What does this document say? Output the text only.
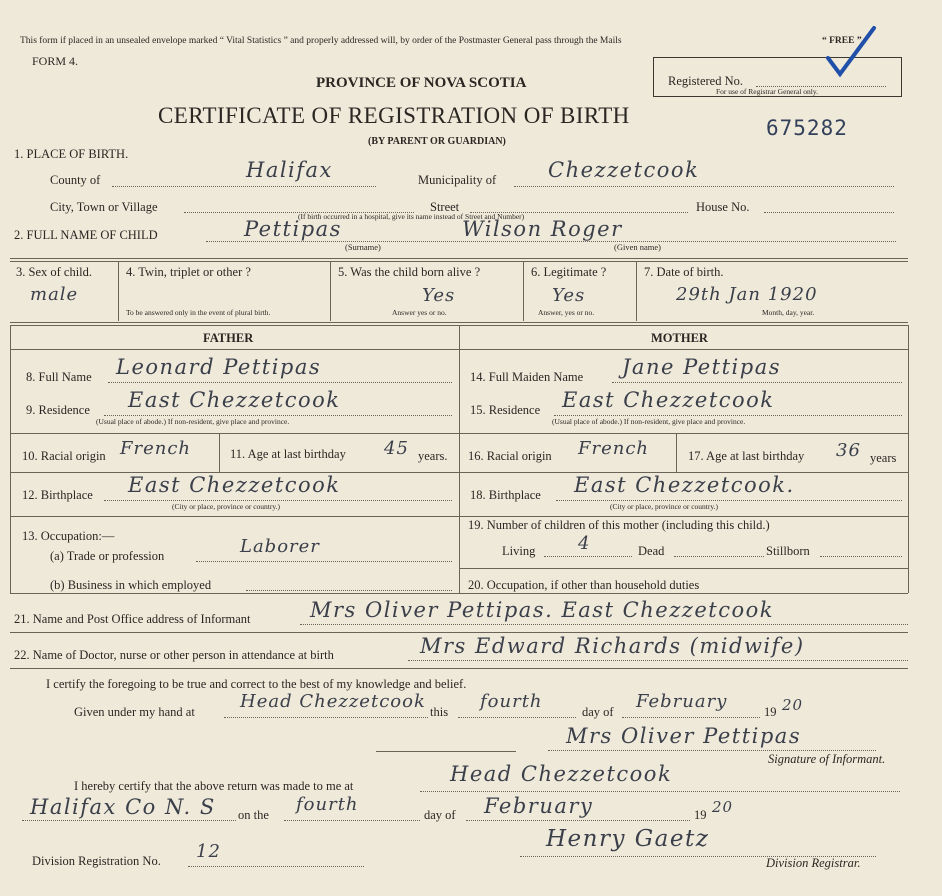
This form if placed in an unsealed envelope marked “ Vital Statistics ” and properly addressed will, by order of the Postmaster General pass through the Mails	“ FREE ”
FORM 4.
PROVINCE OF NOVA SCOTIA
CERTIFICATE OF REGISTRATION OF BIRTH
(BY PARENT OR GUARDIAN)
Registered No.
For use of Registrar General only.
675282
1. PLACE OF BIRTH.
County of	Halifax	Municipality of Chezzetcook
City, Town or Village	Street	House No.
(If birth occurred in a hospital, give its name instead of Street and Number)
2. FULL NAME OF CHILD	Pettipas	Wilson Roger
(Surname)	(Given name)
3. Sex of child.
male
4. Twin, triplet or other ?
To be answered only in the event of plural birth.
5. Was the child born alive ?
Yes
Answer yes or no.
6. Legitimate ?
Yes
Answer, yes or no.
7. Date of birth.
29th Jan 1920
Month, day, year.
FATHER	MOTHER
8. Full Name Leonard Pettipas
9. Residence East Chezzetcook
(Usual place of abode.) If non-resident, give place and province.
10. Racial origin French	11. Age at last birthday 45 years.
12. Birthplace East Chezzetcook
(City or place, province or country.)
13. Occupation:—
(a) Trade or profession	Laborer
(b) Business in which employed
14. Full Maiden Name Jane Pettipas
15. Residence East Chezzetcook
(Usual place of abode.) If non-resident, give place and province.
16. Racial origin French	17. Age at last birthday 36 years
18. Birthplace East Chezzetcook.
(City or place, province or country.)
19. Number of children of this mother (including this child.)
Living 4	Dead	Stillborn
20. Occupation, if other than household duties
21. Name and Post Office address of Informant	Mrs Oliver Pettipas. East Chezzetcook
22. Name of Doctor, nurse or other person in attendance at birth	Mrs Edward Richards (midwife)
I certify the foregoing to be true and correct to the best of my knowledge and belief.
Given under my hand at	Head Chezzetcook this fourth	day of February	19 20
Mrs Oliver Pettipas
Signature of Informant.
I hereby certify that the above return was made to me at	Head Chezzetcook
Halifax Co N. S on the fourth	day of February	19 20
Division Registration No. 12	Henry Gaetz
Division Registrar.
